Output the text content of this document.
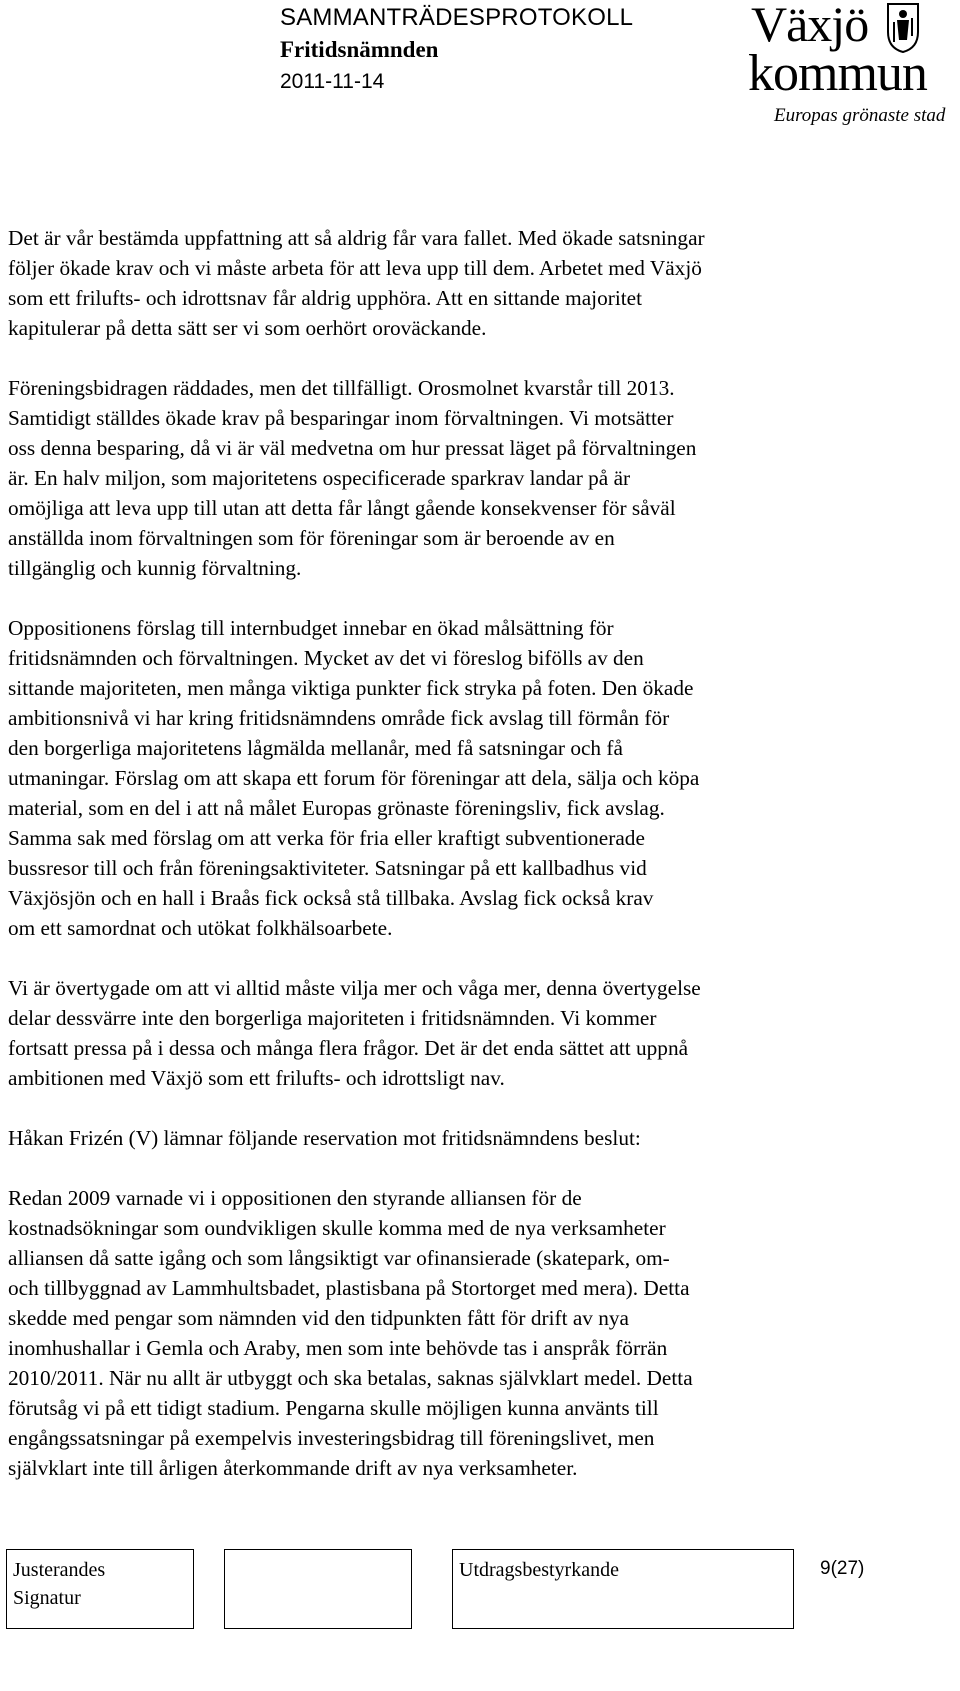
SAMMANTRÄDESPROTOKOLL
Fritidsnämnden
2011-11-14
Växjö
kommun
Europas grönaste stad

Det är vår bestämda uppfattning att så aldrig får vara fallet. Med ökade satsningar
följer ökade krav och vi måste arbeta för att leva upp till dem. Arbetet med Växjö
som ett frilufts- och idrottsnav får aldrig upphöra. Att en sittande majoritet
kapitulerar på detta sätt ser vi som oerhört oroväckande.

Föreningsbidragen räddades, men det tillfälligt. Orosmolnet kvarstår till 2013.
Samtidigt ställdes ökade krav på besparingar inom förvaltningen. Vi motsätter
oss denna besparing, då vi är väl medvetna om hur pressat läget på förvaltningen
är. En halv miljon, som majoritetens ospecificerade sparkrav landar på är
omöjliga att leva upp till utan att detta får långt gående konsekvenser för såväl
anställda inom förvaltningen som för föreningar som är beroende av en
tillgänglig och kunnig förvaltning.

Oppositionens förslag till internbudget innebar en ökad målsättning för
fritidsnämnden och förvaltningen. Mycket av det vi föreslog bifölls av den
sittande majoriteten, men många viktiga punkter fick stryka på foten. Den ökade
ambitionsnivå vi har kring fritidsnämndens område fick avslag till förmån för
den borgerliga majoritetens lågmälda mellanår, med få satsningar och få
utmaningar. Förslag om att skapa ett forum för föreningar att dela, sälja och köpa
material, som en del i att nå målet Europas grönaste föreningsliv, fick avslag.
Samma sak med förslag om att verka för fria eller kraftigt subventionerade
bussresor till och från föreningsaktiviteter. Satsningar på ett kallbadhus vid
Växjösjön och en hall i Braås fick också stå tillbaka. Avslag fick också krav
om ett samordnat och utökat folkhälsoarbete.

Vi är övertygade om att vi alltid måste vilja mer och våga mer, denna övertygelse
delar dessvärre inte den borgerliga majoriteten i fritidsnämnden. Vi kommer
fortsatt pressa på i dessa och många flera frågor. Det är det enda sättet att uppnå
ambitionen med Växjö som ett frilufts- och idrottsligt nav.

Håkan Frizén (V) lämnar följande reservation mot fritidsnämndens beslut:

Redan 2009 varnade vi i oppositionen den styrande alliansen för de
kostnadsökningar som oundvikligen skulle komma med de nya verksamheter
alliansen då satte igång och som långsiktigt var ofinansierade (skatepark, om-
och tillbyggnad av Lammhultsbadet, plastisbana på Stortorget med mera). Detta
skedde med pengar som nämnden vid den tidpunkten fått för drift av nya
inomhushallar i Gemla och Araby, men som inte behövde tas i anspråk förrän
2010/2011. När nu allt är utbyggt och ska betalas, saknas självklart medel. Detta
förutsåg vi på ett tidigt stadium. Pengarna skulle möjligen kunna använts till
engångssatsningar på exempelvis investeringsbidrag till föreningslivet, men
självklart inte till årligen återkommande drift av nya verksamheter.

Justerandes
Signatur
Utdragsbestyrkande	9(27)
